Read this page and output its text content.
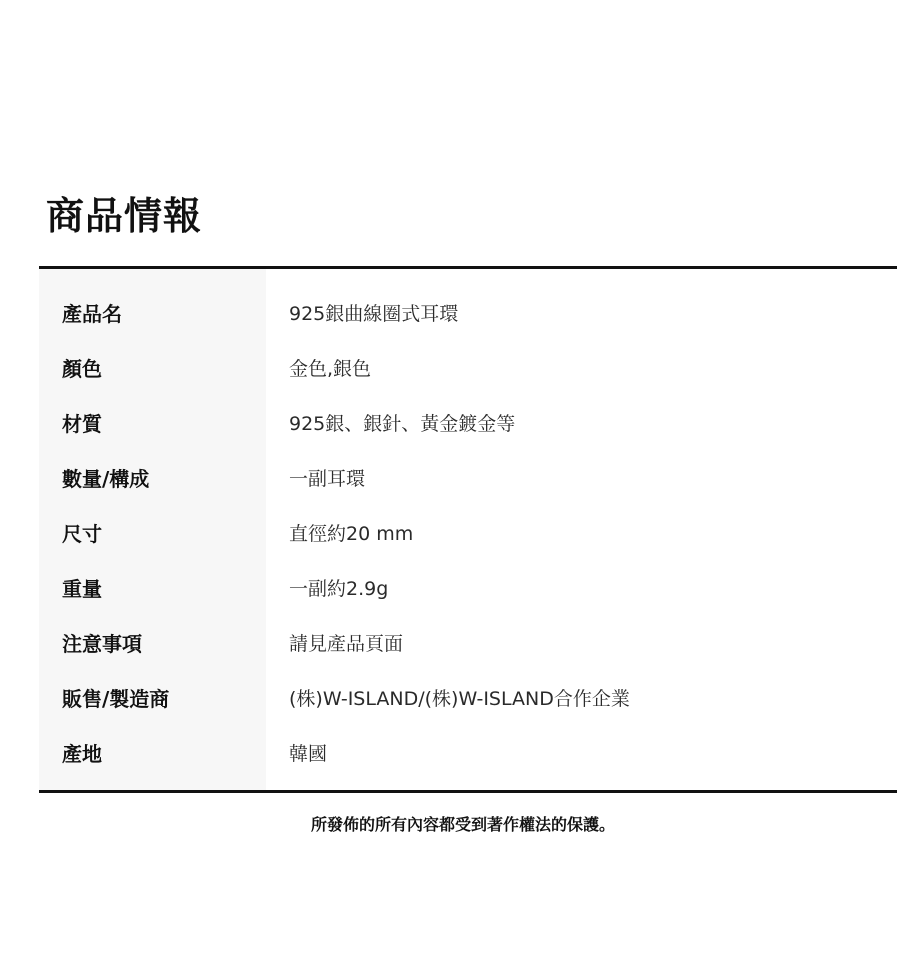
商品情報
產品名
顏色
材質
數量/構成
尺寸
重量
注意事項
販售/製造商
產地
925銀曲線圈式耳環
金色,銀色
925銀、銀針、黃金鍍金等
一副耳環
直徑約20 mm
一副約2.9g
請見產品頁面
(株)W-ISLAND/(株)W-ISLAND合作企業
韓國
所發佈的所有內容都受到著作權法的保護。
